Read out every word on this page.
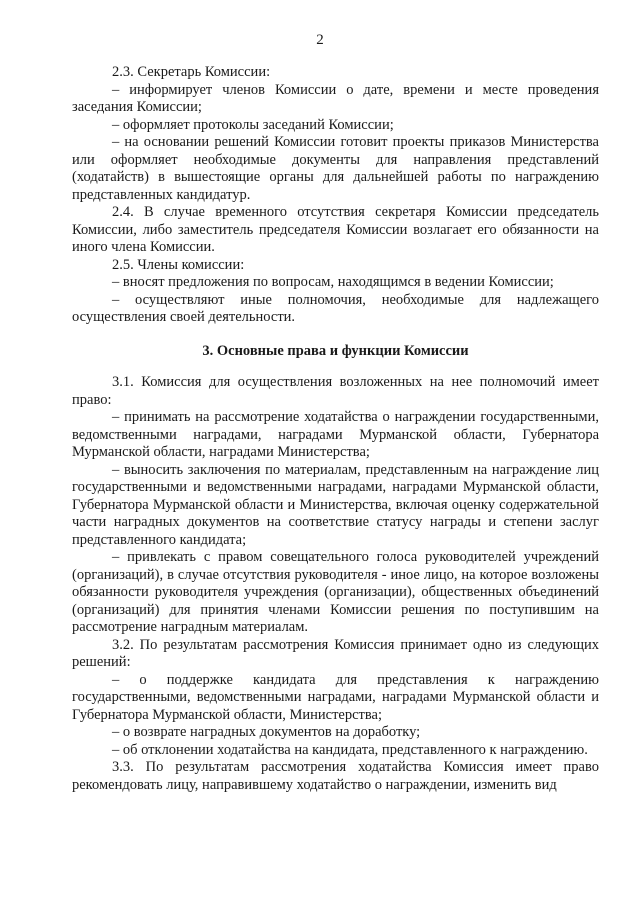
2

2.3. Секретарь Комиссии:

– информирует членов Комиссии о дате, времени и месте проведения заседания Комиссии;

– оформляет протоколы заседаний Комиссии;

– на основании решений Комиссии готовит проекты приказов Министерства или оформляет необходимые документы для направления представлений (ходатайств) в вышестоящие органы для дальнейшей работы по награждению представленных кандидатур.

2.4. В случае временного отсутствия секретаря Комиссии председатель Комиссии, либо заместитель председателя Комиссии возлагает его обязанности на иного члена Комиссии.

2.5. Члены комиссии:

– вносят предложения по вопросам, находящимся в ведении Комиссии;

– осуществляют иные полномочия, необходимые для надлежащего осуществления своей деятельности.

3. Основные права и функции Комиссии

3.1. Комиссия для осуществления возложенных на нее полномочий имеет право:

– принимать на рассмотрение ходатайства о награждении государственными, ведомственными наградами, наградами Мурманской области, Губернатора Мурманской области, наградами Министерства;

– выносить заключения по материалам, представленным на награждение лиц государственными и ведомственными наградами, наградами Мурманской области, Губернатора Мурманской области и Министерства, включая оценку содержательной части наградных документов на соответствие статусу награды и степени заслуг представленного кандидата;

– привлекать с правом совещательного голоса руководителей учреждений (организаций), в случае отсутствия руководителя - иное лицо, на которое возложены обязанности руководителя учреждения (организации), общественных объединений (организаций) для принятия членами Комиссии решения по поступившим на рассмотрение наградным материалам.

3.2. По результатам рассмотрения Комиссия принимает одно из следующих решений:

– о поддержке кандидата для представления к награждению государственными, ведомственными наградами, наградами Мурманской области и Губернатора Мурманской области, Министерства;

– о возврате наградных документов на доработку;

– об отклонении ходатайства на кандидата, представленного к награждению.

3.3. По результатам рассмотрения ходатайства Комиссия имеет право рекомендовать лицу, направившему ходатайство о награждении, изменить вид
